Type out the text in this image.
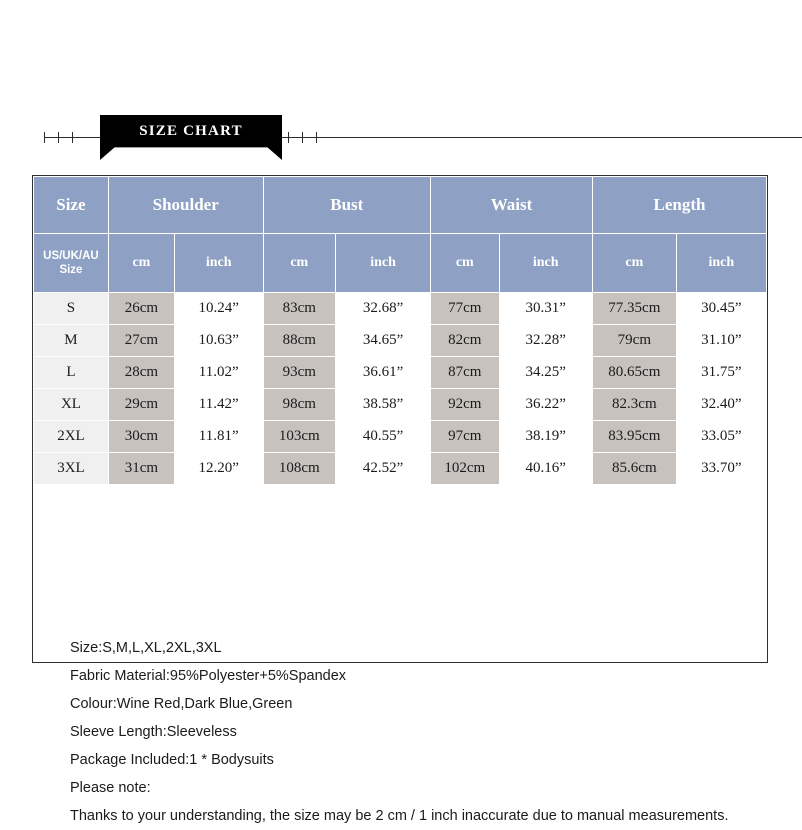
SIZE CHART
Size	Shoulder		Bust		Waist		Length	
US/UK/AU Size	cm	inch	cm	inch	cm	inch	cm	inch
S	26cm	10.24”	83cm	32.68”	77cm	30.31”	77.35cm	30.45”
M	27cm	10.63”	88cm	34.65”	82cm	32.28”	79cm	31.10”
L	28cm	11.02”	93cm	36.61”	87cm	34.25”	80.65cm	31.75”
XL	29cm	11.42”	98cm	38.58”	92cm	36.22”	82.3cm	32.40”
2XL	30cm	11.81”	103cm	40.55”	97cm	38.19”	83.95cm	33.05”
3XL	31cm	12.20”	108cm	42.52”	102cm	40.16”	85.6cm	33.70”
Size:S,M,L,XL,2XL,3XL
Fabric Material:95%Polyester+5%Spandex
Colour:Wine Red,Dark Blue,Green
Sleeve Length:Sleeveless
Package Included:1 * Bodysuits
Please note:
Thanks to your understanding, the size may be 2 cm / 1 inch inaccurate due to manual measurements.
